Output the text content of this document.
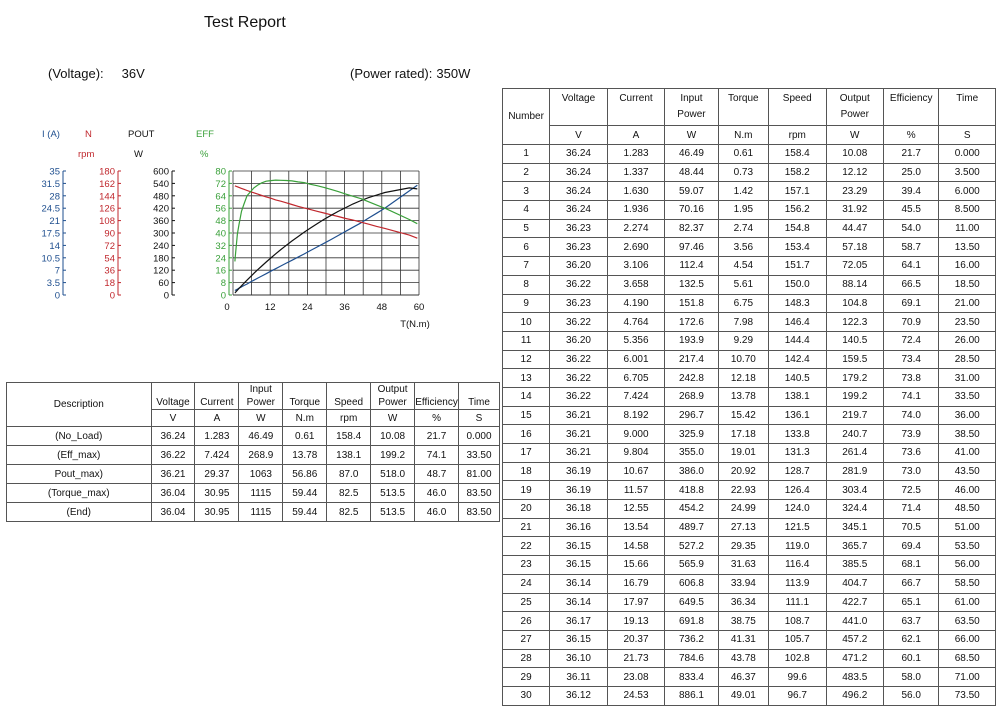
Test Report
(Voltage): 36V	(Power rated): 350W
I (A)	N
rpm
POUT
W
EFF
%
0
3.5
7
10.5
14
17.5
21
24.5
28
31.5
35
0
18
36
54
72
90
108
126
144
162
180
0
60
120
180
240
300
360
420
480
540
600
0
8
16
24
32
40
48
56
64
72
80
0	12	24	36	48	60
T(N.m)
Description	Voltage	Current	Input Power	Torque	Speed	Output Power	Efficiency	Time
	V	A	W	N.m	rpm	W	%	S
(No_Load)	36.24	1.283	46.49	0.61	158.4	10.08	21.7	0.000
(Eff_max)	36.22	7.424	268.9	13.78	138.1	199.2	74.1	33.50
Pout_max)	36.21	29.37	1063	56.86	87.0	518.0	48.7	81.00
(Torque_max)	36.04	30.95	1115	59.44	82.5	513.5	46.0	83.50
(End)	36.04	30.95	1115	59.44	82.5	513.5	46.0	83.50
Number	Voltage	Current	Input Power	Torque	Speed	Output Power	Efficiency	Time
	V	A	W	N.m	rpm	W	%	S
1	36.24	1.283	46.49	0.61	158.4	10.08	21.7	0.000
2	36.24	1.337	48.44	0.73	158.2	12.12	25.0	3.500
3	36.24	1.630	59.07	1.42	157.1	23.29	39.4	6.000
4	36.24	1.936	70.16	1.95	156.2	31.92	45.5	8.500
5	36.23	2.274	82.37	2.74	154.8	44.47	54.0	11.00
6	36.23	2.690	97.46	3.56	153.4	57.18	58.7	13.50
7	36.20	3.106	112.4	4.54	151.7	72.05	64.1	16.00
8	36.22	3.658	132.5	5.61	150.0	88.14	66.5	18.50
9	36.23	4.190	151.8	6.75	148.3	104.8	69.1	21.00
10	36.22	4.764	172.6	7.98	146.4	122.3	70.9	23.50
11	36.20	5.356	193.9	9.29	144.4	140.5	72.4	26.00
12	36.22	6.001	217.4	10.70	142.4	159.5	73.4	28.50
13	36.22	6.705	242.8	12.18	140.5	179.2	73.8	31.00
14	36.22	7.424	268.9	13.78	138.1	199.2	74.1	33.50
15	36.21	8.192	296.7	15.42	136.1	219.7	74.0	36.00
16	36.21	9.000	325.9	17.18	133.8	240.7	73.9	38.50
17	36.21	9.804	355.0	19.01	131.3	261.4	73.6	41.00
18	36.19	10.67	386.0	20.92	128.7	281.9	73.0	43.50
19	36.19	11.57	418.8	22.93	126.4	303.4	72.5	46.00
20	36.18	12.55	454.2	24.99	124.0	324.4	71.4	48.50
21	36.16	13.54	489.7	27.13	121.5	345.1	70.5	51.00
22	36.15	14.58	527.2	29.35	119.0	365.7	69.4	53.50
23	36.15	15.66	565.9	31.63	116.4	385.5	68.1	56.00
24	36.14	16.79	606.8	33.94	113.9	404.7	66.7	58.50
25	36.14	17.97	649.5	36.34	111.1	422.7	65.1	61.00
26	36.17	19.13	691.8	38.75	108.7	441.0	63.7	63.50
27	36.15	20.37	736.2	41.31	105.7	457.2	62.1	66.00
28	36.10	21.73	784.6	43.78	102.8	471.2	60.1	68.50
29	36.11	23.08	833.4	46.37	99.6	483.5	58.0	71.00
30	36.12	24.53	886.1	49.01	96.7	496.2	56.0	73.50
